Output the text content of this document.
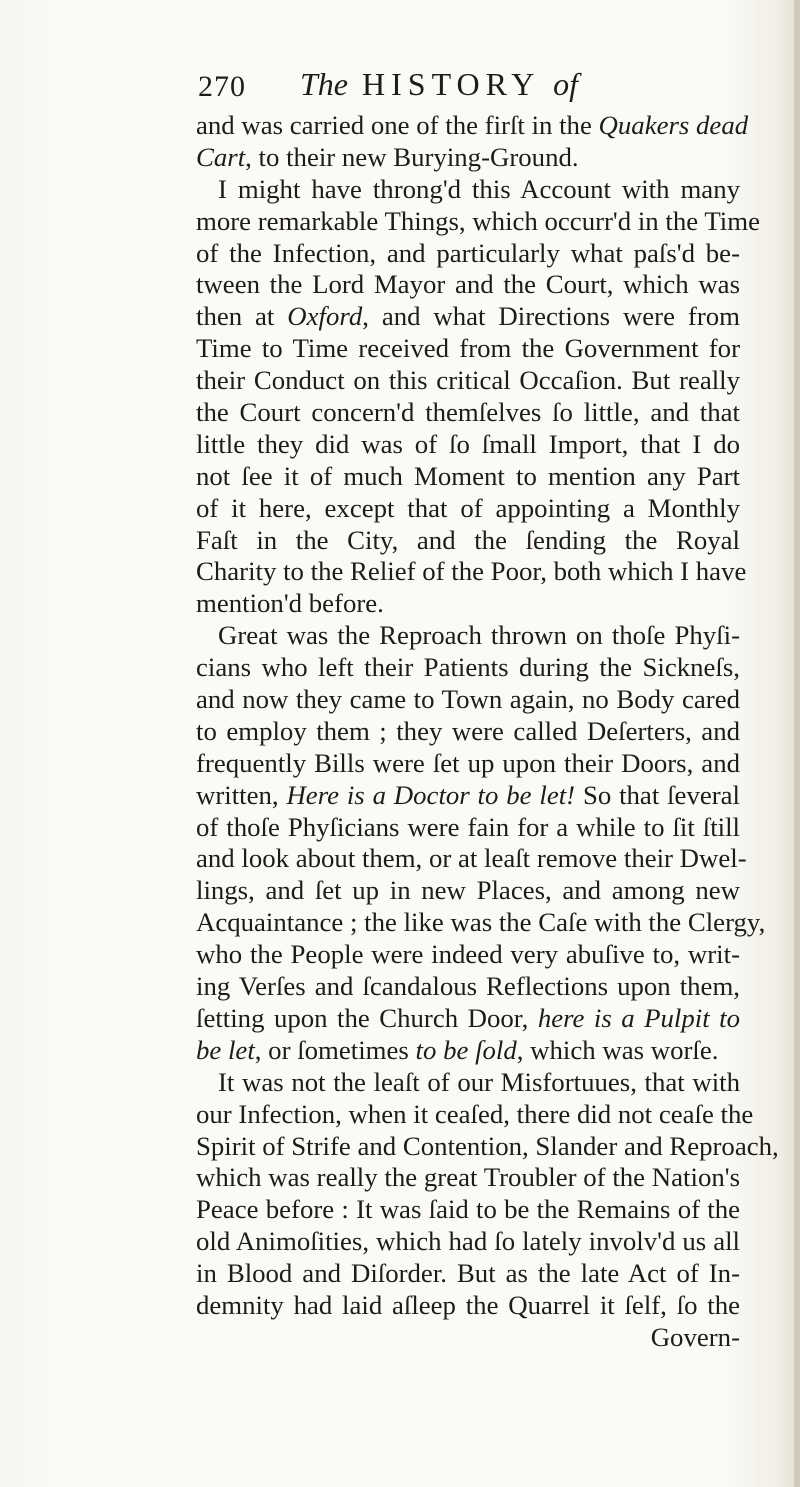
270 The HISTORY of
and was carried one of the firſt in the Quakers dead
Cart, to their new Burying-Ground.
I might have throng'd this Account with many
more remarkable Things, which occurr'd in the Time
of the Infection, and particularly what paſs'd be-
tween the Lord Mayor and the Court, which was
then at Oxford, and what Directions were from
Time to Time received from the Government for
their Conduct on this critical Occaſion. But really
the Court concern'd themſelves ſo little, and that
little they did was of ſo ſmall Import, that I do
not ſee it of much Moment to mention any Part
of it here, except that of appointing a Monthly
Faſt in the City, and the ſending the Royal
Charity to the Relief of the Poor, both which I have
mention'd before.
Great was the Reproach thrown on thoſe Phyſi-
cians who left their Patients during the Sickneſs,
and now they came to Town again, no Body cared
to employ them ; they were called Deſerters, and
frequently Bills were ſet up upon their Doors, and
written, Here is a Doctor to be let! So that ſeveral
of thoſe Phyſicians were fain for a while to ſit ſtill
and look about them, or at leaſt remove their Dwel-
lings, and ſet up in new Places, and among new
Acquaintance ; the like was the Caſe with the Clergy,
who the People were indeed very abuſive to, writ-
ing Verſes and ſcandalous Reflections upon them,
ſetting upon the Church Door, here is a Pulpit to
be let, or ſometimes to be ſold, which was worſe.
It was not the leaſt of our Misfortuues, that with
our Infection, when it ceaſed, there did not ceaſe the
Spirit of Strife and Contention, Slander and Reproach,
which was really the great Troubler of the Nation's
Peace before : It was ſaid to be the Remains of the
old Animoſities, which had ſo lately involv'd us all
in Blood and Diſorder. But as the late Act of In-
demnity had laid aſleep the Quarrel it ſelf, ſo the
Govern-
